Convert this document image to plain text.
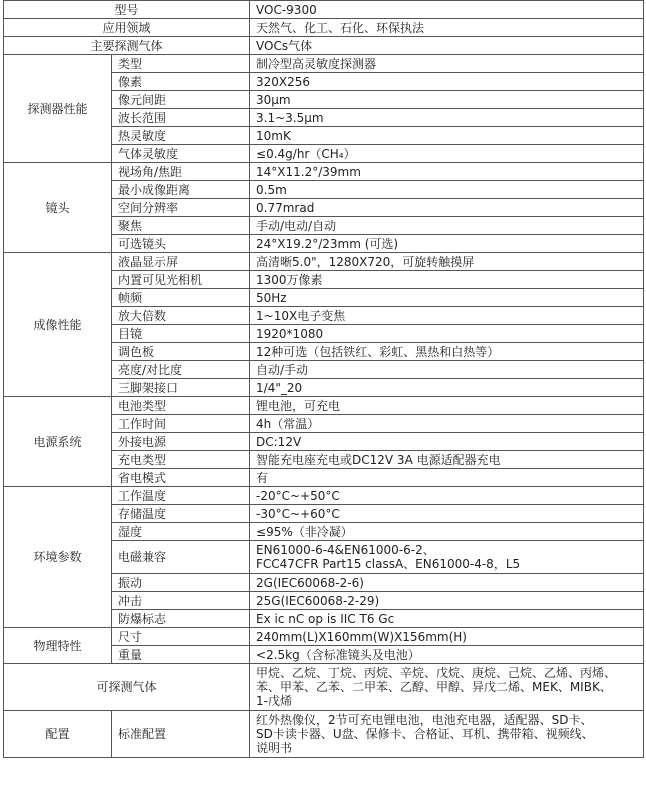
型号		VOC-9300
应用领域		天然气、化工、石化、环保执法
主要探测气体		VOCs气体
探测器性能	类型	制冷型高灵敏度探测器
	像素	320X256
	像元间距	30μm
	波长范围	3.1~3.5μm
	热灵敏度	10mK
	气体灵敏度	≤0.4g/hr（CH₄）
镜头	视场角/焦距	14°X11.2°/39mm
	最小成像距离	0.5m
	空间分辨率	0.77mrad
	聚焦	手动/电动/自动
	可选镜头	24°X19.2°/23mm (可选)
成像性能	液晶显示屏	高清晰5.0"，1280X720，可旋转触摸屏
	内置可见光相机	1300万像素
	帧频	50Hz
	放大倍数	1~10X电子变焦
	目镜	1920*1080
	调色板	12种可选（包括铁红、彩虹、黑热和白热等）
	亮度/对比度	自动/手动
	三脚架接口	1/4"_20
电源系统	电池类型	锂电池，可充电
	工作时间	4h（常温）
	外接电源	DC:12V
	充电类型	智能充电座充电或DC12V 3A 电源适配器充电
	省电模式	有
环境参数	工作温度	-20°C~+50°C
	存储温度	-30°C~+60°C
	湿度	≤95%（非冷凝）
	电磁兼容	EN61000-6-4&EN61000-6-2、
FCC47CFR Part15 classA、EN61000-4-8，L5

	振动	2G(IEC60068-2-6)
	冲击	25G(IEC60068-2-29)
	防爆标志	Ex ic nC op is IIC T6 Gc
物理特性	尺寸	240mm(L)X160mm(W)X156mm(H)
	重量	<2.5kg（含标准镜头及电池）
可探测气体		甲烷、乙烷、丁烷、丙烷、辛烷、戊烷、庚烷、己烷、乙烯、丙烯、
苯、甲苯、乙苯、二甲苯、乙醇、甲醇、异戊二烯、MEK、MIBK、
1-戊烯

配置	标准配置	红外热像仪，2节可充电锂电池，电池充电器，适配器、SD卡、
SD卡读卡器、U盘、保修卡、合格证、耳机、携带箱、视频线、
说明书
